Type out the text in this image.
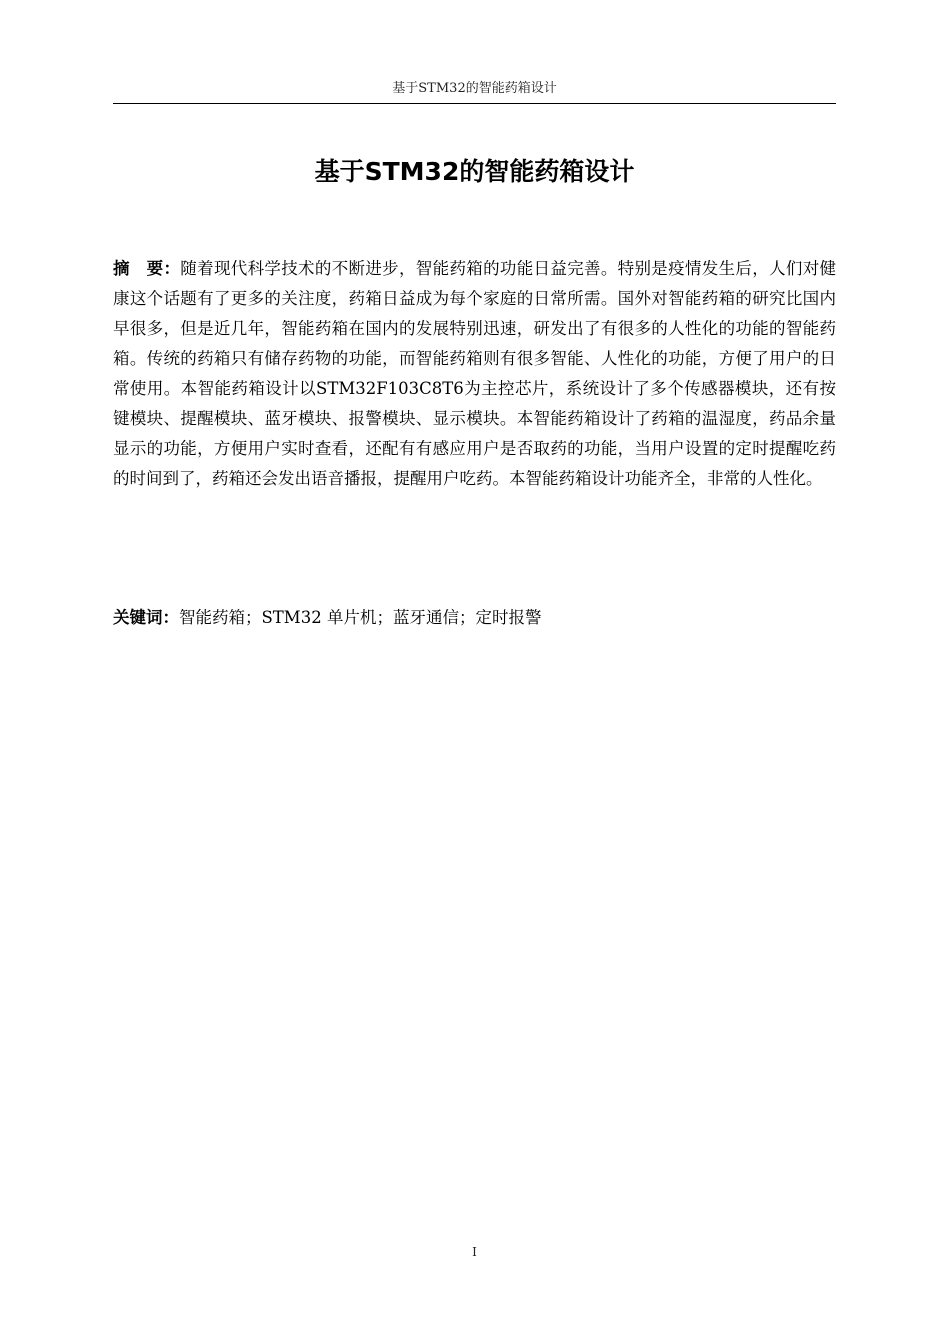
基于STM32的智能药箱设计
基于STM32的智能药箱设计

摘　要：随着现代科学技术的不断进步，智能药箱的功能日益完善。特别是疫情发生后，人们对健康这个话题有了更多的关注度，药箱日益成为每个家庭的日常所需。国外对智能药箱的研究比国内早很多，但是近几年，智能药箱在国内的发展特别迅速，研发出了有很多的人性化的功能的智能药箱。传统的药箱只有储存药物的功能，而智能药箱则有很多智能、人性化的功能，方便了用户的日常使用。本智能药箱设计以STM32F103C8T6为主控芯片，系统设计了多个传感器模块，还有按键模块、提醒模块、蓝牙模块、报警模块、显示模块。本智能药箱设计了药箱的温湿度，药品余量显示的功能，方便用户实时查看，还配有有感应用户是否取药的功能，当用户设置的定时提醒吃药的时间到了，药箱还会发出语音播报，提醒用户吃药。本智能药箱设计功能齐全，非常的人性化。

关键词：智能药箱；STM32 单片机；蓝牙通信；定时报警

I
